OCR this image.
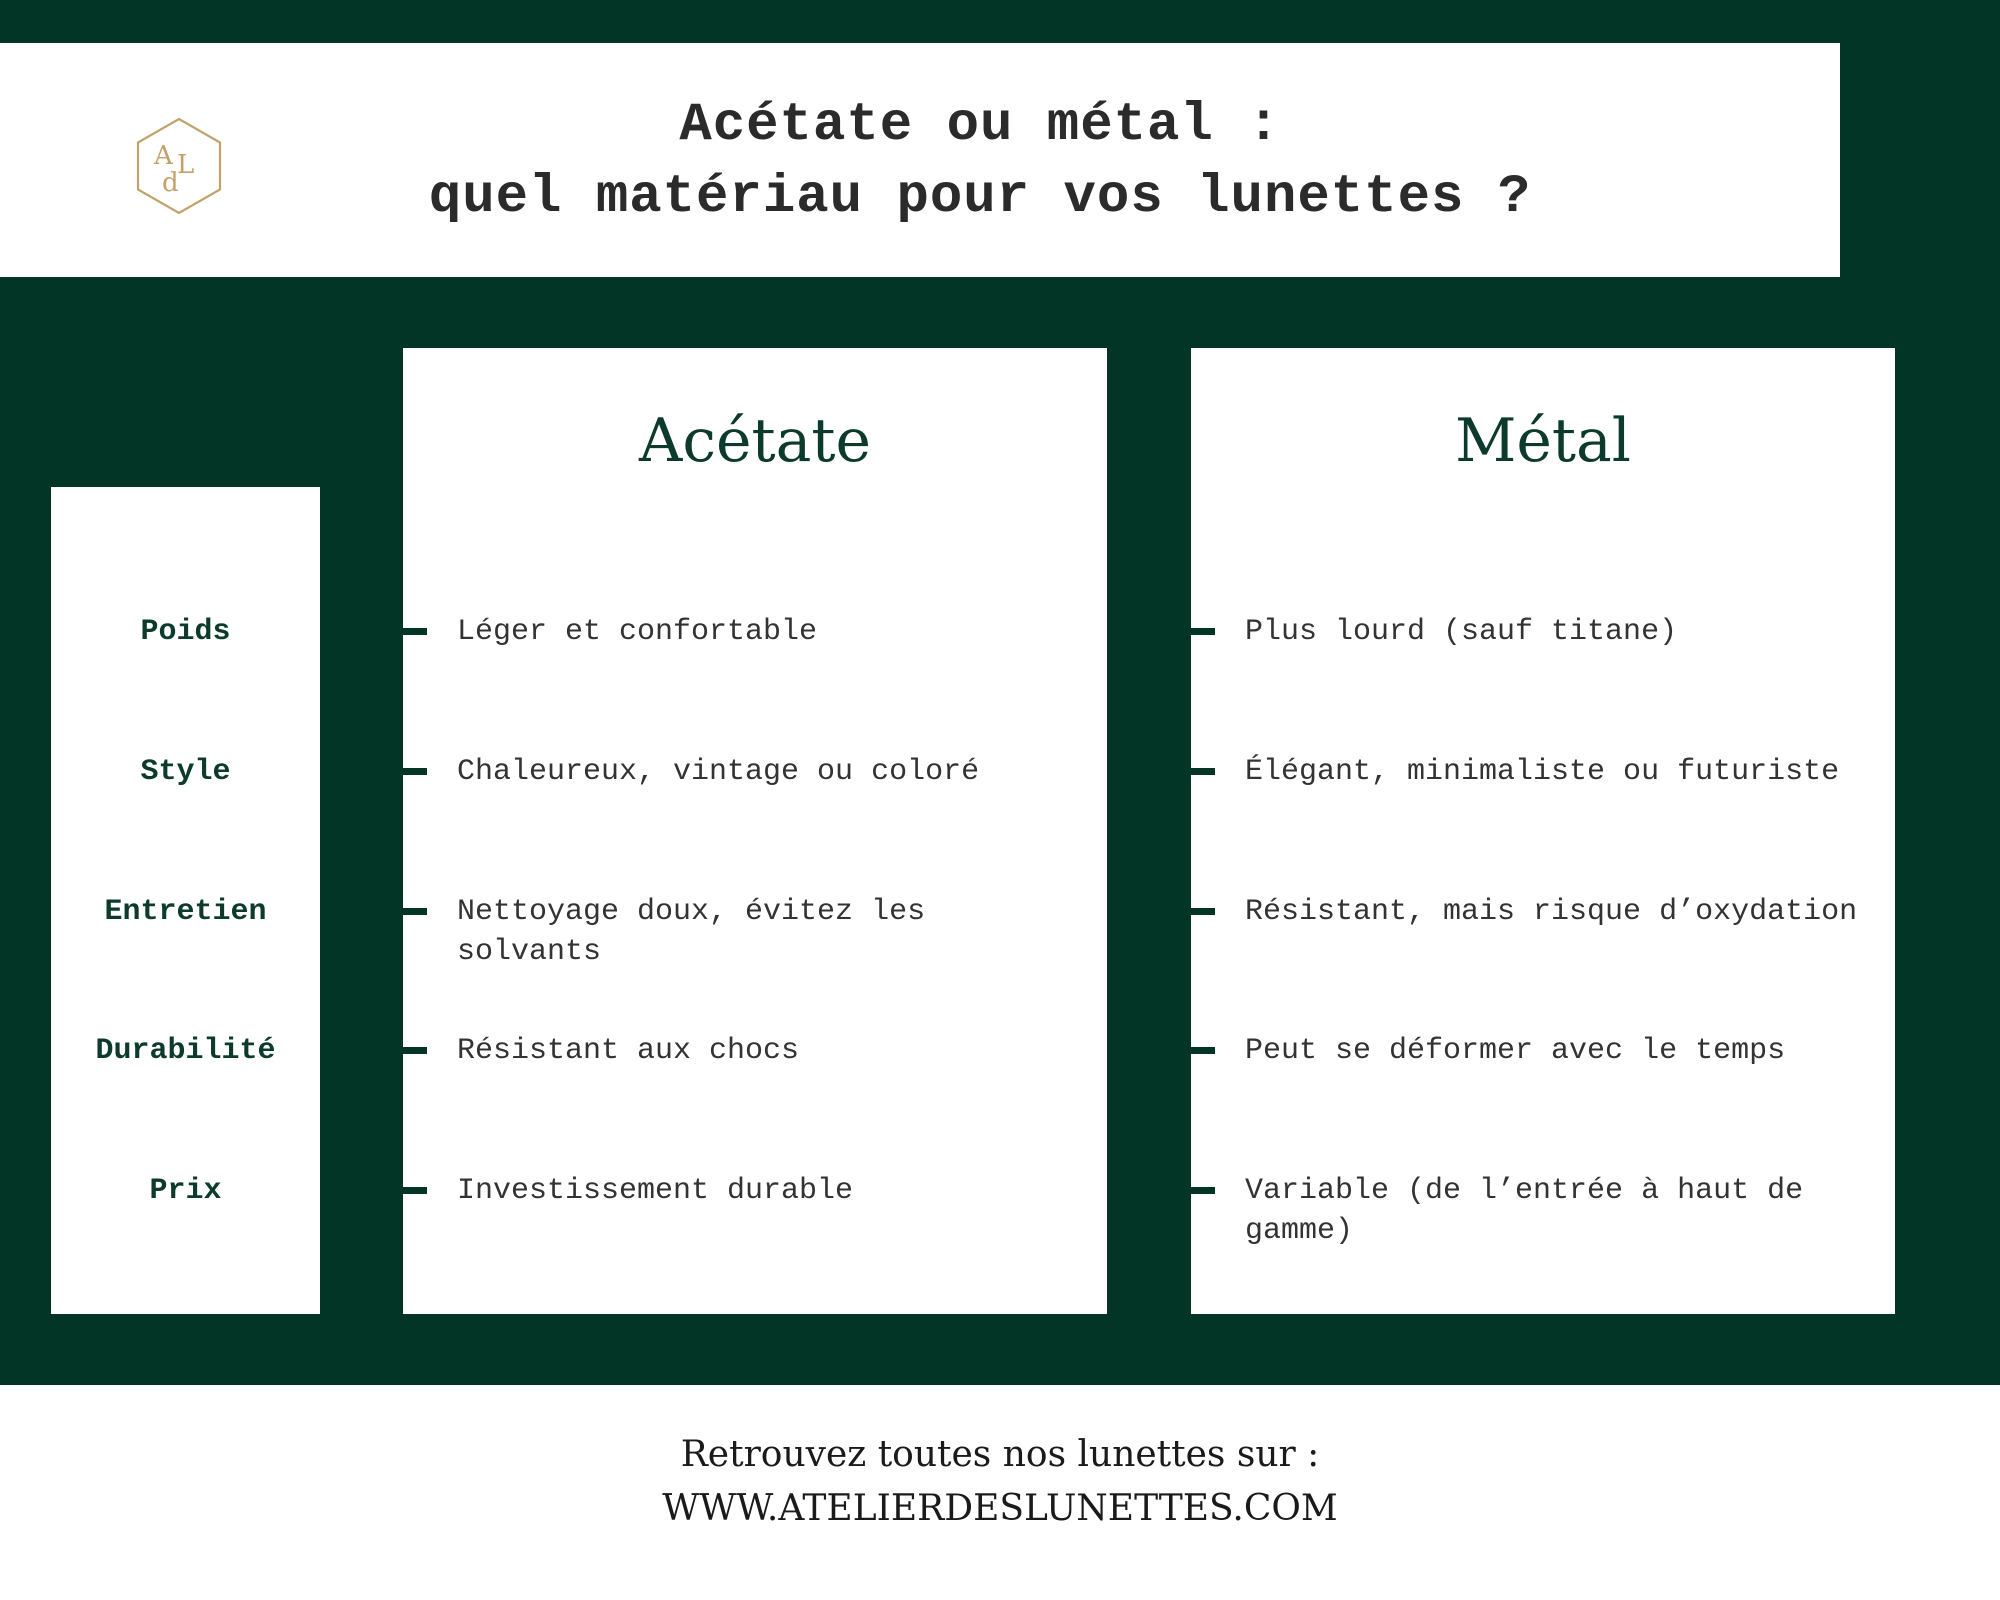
A L
d
Acétate ou métal :
quel matériau pour vos lunettes ?
Poids
Style
Entretien
Durabilité
Prix
Acétate
Léger et confortable
Chaleureux, vintage ou coloré
Nettoyage doux, évitez les solvants
Résistant aux chocs
Investissement durable
Métal
Plus lourd (sauf titane)
Élégant, minimaliste ou futuriste
Résistant, mais risque d’oxydation
Peut se déformer avec le temps
Variable (de l’entrée à haut de gamme)
Retrouvez toutes nos lunettes sur :
WWW.ATELIERDESLUNETTES.COM
